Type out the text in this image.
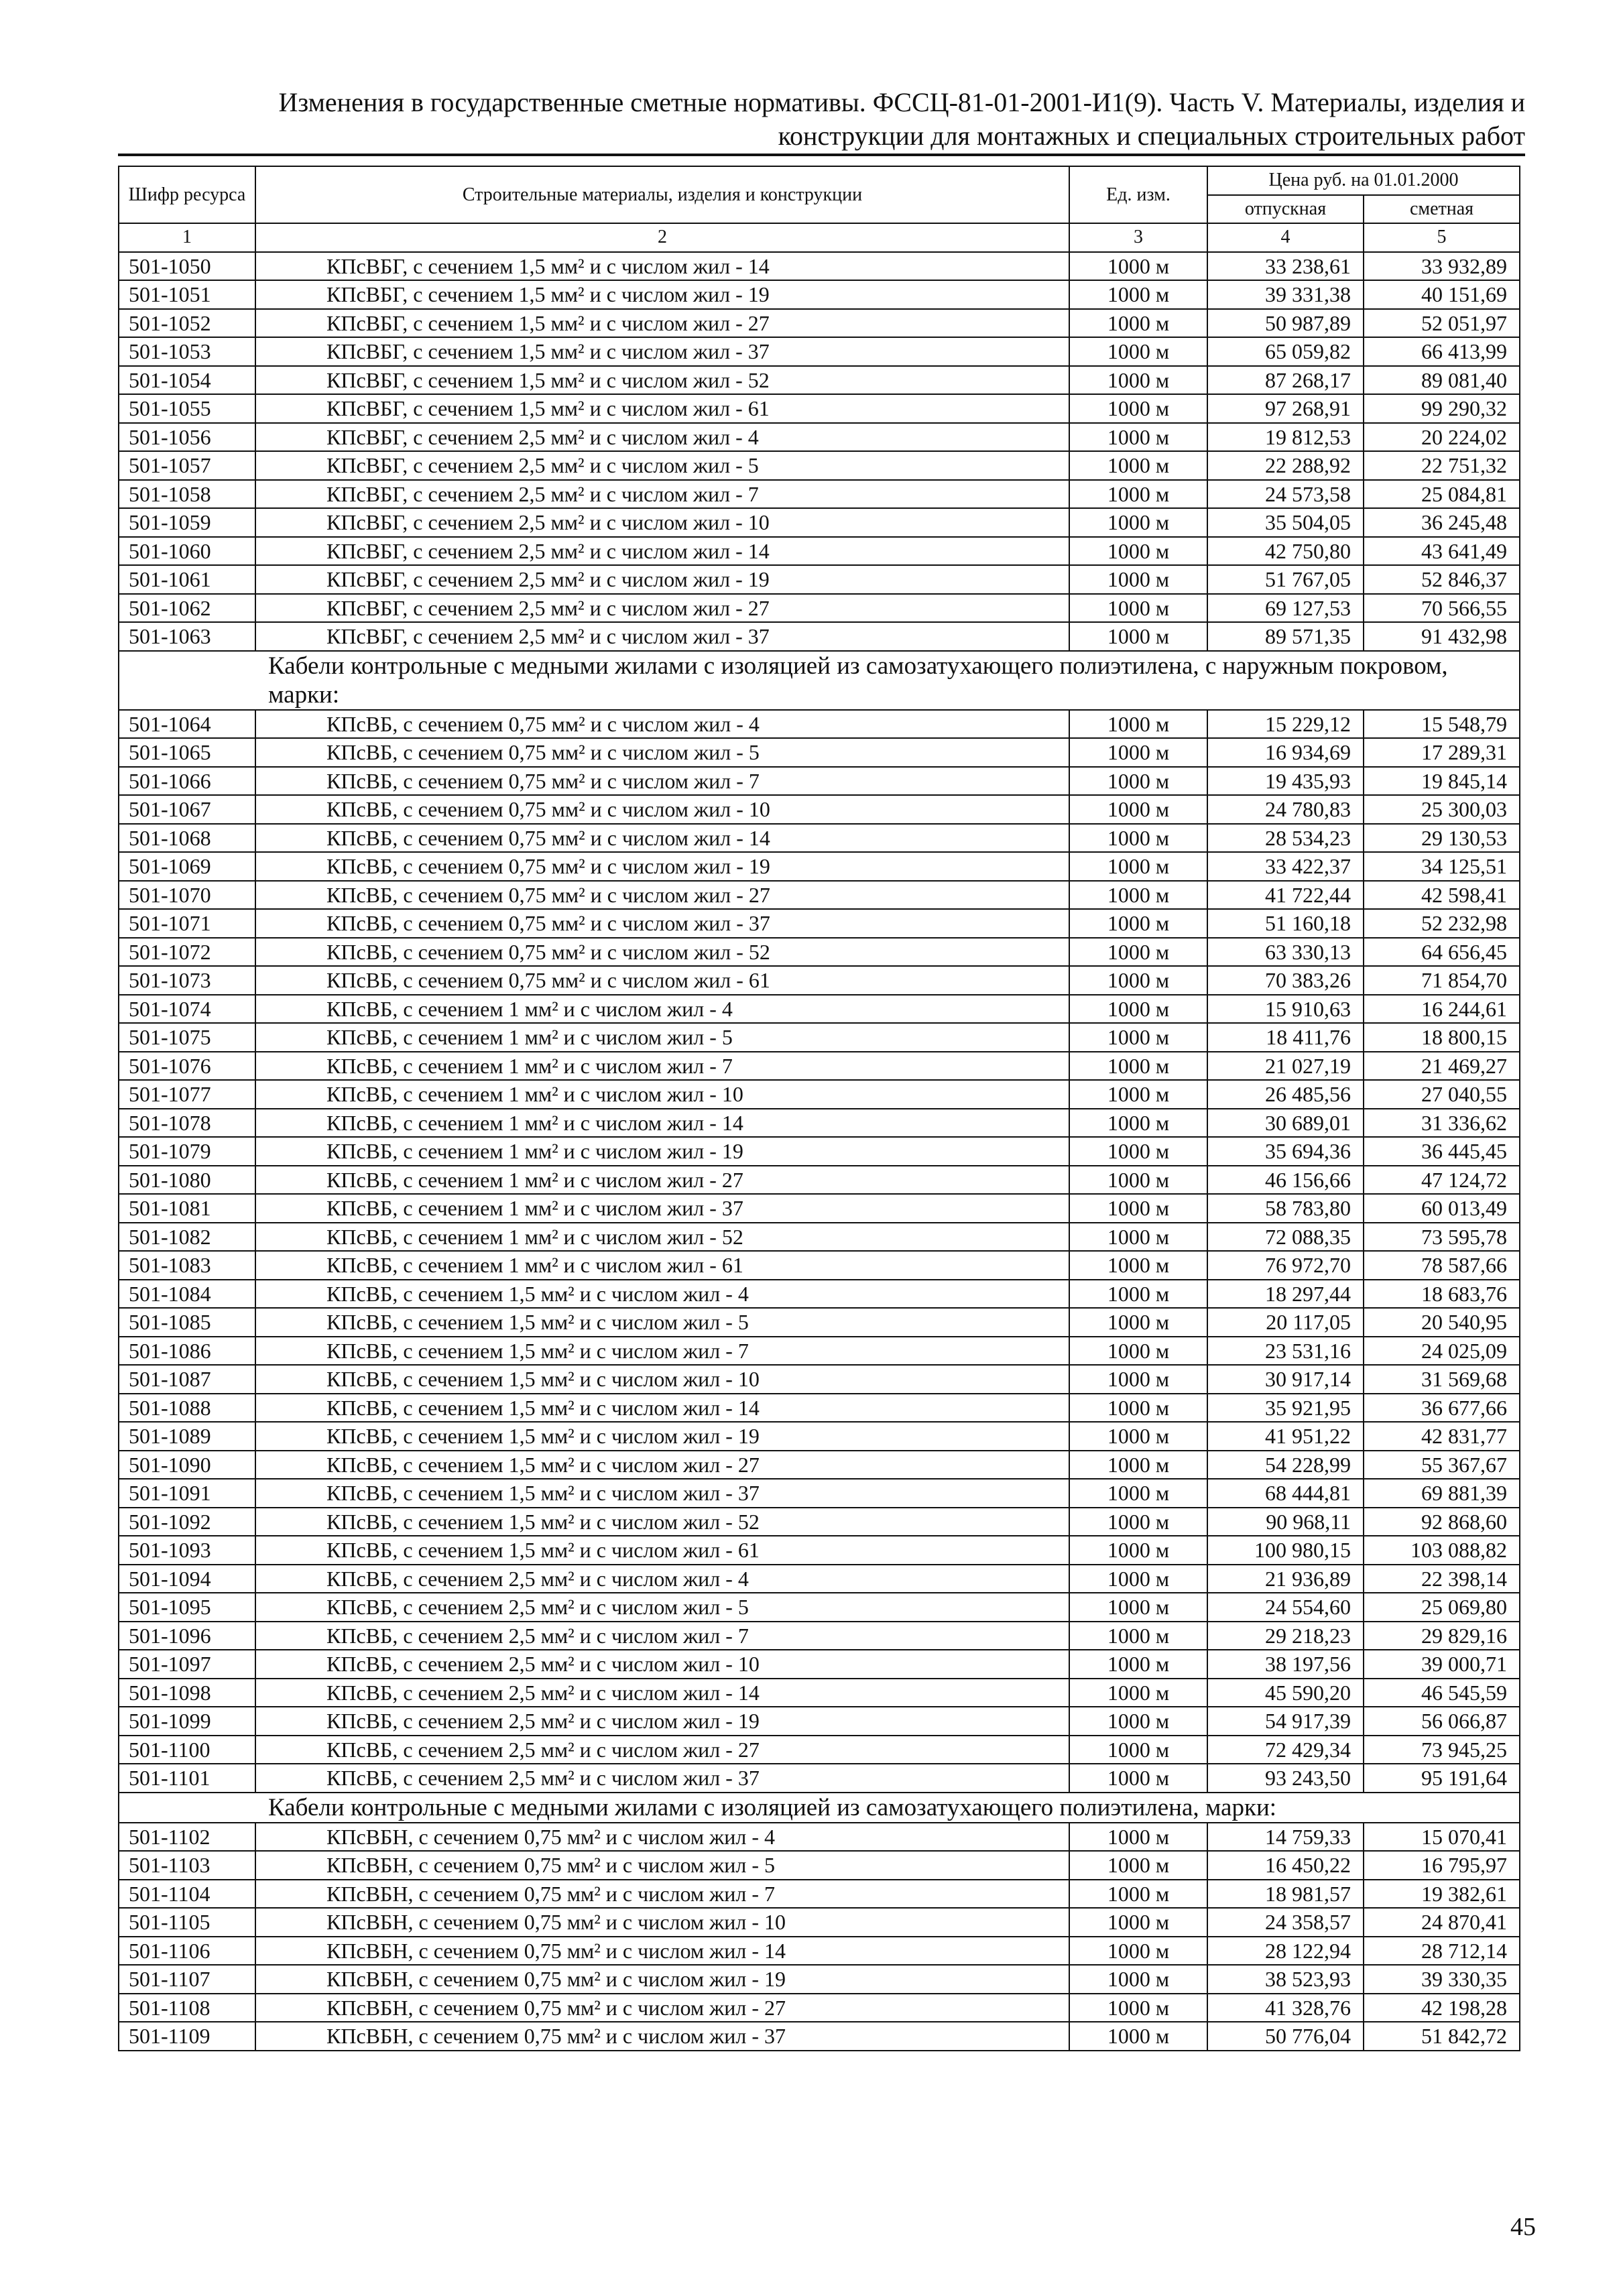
Изменения в государственные сметные нормативы. ФССЦ-81-01-2001-И1(9). Часть V. Материалы, изделия и
конструкции для монтажных и специальных строительных работ
Шифр ресурса	Строительные материалы, изделия и конструкции	Ед. изм.	Цена руб. на 01.01.2000	
			отпускная	сметная
1	2	3	4	5
501-1050	КПсВБГ, с сечением 1,5 мм² и с числом жил - 14	1000 м	33 238,61	33 932,89
501-1051	КПсВБГ, с сечением 1,5 мм² и с числом жил - 19	1000 м	39 331,38	40 151,69
501-1052	КПсВБГ, с сечением 1,5 мм² и с числом жил - 27	1000 м	50 987,89	52 051,97
501-1053	КПсВБГ, с сечением 1,5 мм² и с числом жил - 37	1000 м	65 059,82	66 413,99
501-1054	КПсВБГ, с сечением 1,5 мм² и с числом жил - 52	1000 м	87 268,17	89 081,40
501-1055	КПсВБГ, с сечением 1,5 мм² и с числом жил - 61	1000 м	97 268,91	99 290,32
501-1056	КПсВБГ, с сечением 2,5 мм² и с числом жил - 4	1000 м	19 812,53	20 224,02
501-1057	КПсВБГ, с сечением 2,5 мм² и с числом жил - 5	1000 м	22 288,92	22 751,32
501-1058	КПсВБГ, с сечением 2,5 мм² и с числом жил - 7	1000 м	24 573,58	25 084,81
501-1059	КПсВБГ, с сечением 2,5 мм² и с числом жил - 10	1000 м	35 504,05	36 245,48
501-1060	КПсВБГ, с сечением 2,5 мм² и с числом жил - 14	1000 м	42 750,80	43 641,49
501-1061	КПсВБГ, с сечением 2,5 мм² и с числом жил - 19	1000 м	51 767,05	52 846,37
501-1062	КПсВБГ, с сечением 2,5 мм² и с числом жил - 27	1000 м	69 127,53	70 566,55
501-1063	КПсВБГ, с сечением 2,5 мм² и с числом жил - 37	1000 м	89 571,35	91 432,98
Кабели контрольные с медными жилами с изоляцией из самозатухающего полиэтилена, с наружным покровом, марки:				
501-1064	КПсВБ, с сечением 0,75 мм² и с числом жил - 4	1000 м	15 229,12	15 548,79
501-1065	КПсВБ, с сечением 0,75 мм² и с числом жил - 5	1000 м	16 934,69	17 289,31
501-1066	КПсВБ, с сечением 0,75 мм² и с числом жил - 7	1000 м	19 435,93	19 845,14
501-1067	КПсВБ, с сечением 0,75 мм² и с числом жил - 10	1000 м	24 780,83	25 300,03
501-1068	КПсВБ, с сечением 0,75 мм² и с числом жил - 14	1000 м	28 534,23	29 130,53
501-1069	КПсВБ, с сечением 0,75 мм² и с числом жил - 19	1000 м	33 422,37	34 125,51
501-1070	КПсВБ, с сечением 0,75 мм² и с числом жил - 27	1000 м	41 722,44	42 598,41
501-1071	КПсВБ, с сечением 0,75 мм² и с числом жил - 37	1000 м	51 160,18	52 232,98
501-1072	КПсВБ, с сечением 0,75 мм² и с числом жил - 52	1000 м	63 330,13	64 656,45
501-1073	КПсВБ, с сечением 0,75 мм² и с числом жил - 61	1000 м	70 383,26	71 854,70
501-1074	КПсВБ, с сечением 1 мм² и с числом жил - 4	1000 м	15 910,63	16 244,61
501-1075	КПсВБ, с сечением 1 мм² и с числом жил - 5	1000 м	18 411,76	18 800,15
501-1076	КПсВБ, с сечением 1 мм² и с числом жил - 7	1000 м	21 027,19	21 469,27
501-1077	КПсВБ, с сечением 1 мм² и с числом жил - 10	1000 м	26 485,56	27 040,55
501-1078	КПсВБ, с сечением 1 мм² и с числом жил - 14	1000 м	30 689,01	31 336,62
501-1079	КПсВБ, с сечением 1 мм² и с числом жил - 19	1000 м	35 694,36	36 445,45
501-1080	КПсВБ, с сечением 1 мм² и с числом жил - 27	1000 м	46 156,66	47 124,72
501-1081	КПсВБ, с сечением 1 мм² и с числом жил - 37	1000 м	58 783,80	60 013,49
501-1082	КПсВБ, с сечением 1 мм² и с числом жил - 52	1000 м	72 088,35	73 595,78
501-1083	КПсВБ, с сечением 1 мм² и с числом жил - 61	1000 м	76 972,70	78 587,66
501-1084	КПсВБ, с сечением 1,5 мм² и с числом жил - 4	1000 м	18 297,44	18 683,76
501-1085	КПсВБ, с сечением 1,5 мм² и с числом жил - 5	1000 м	20 117,05	20 540,95
501-1086	КПсВБ, с сечением 1,5 мм² и с числом жил - 7	1000 м	23 531,16	24 025,09
501-1087	КПсВБ, с сечением 1,5 мм² и с числом жил - 10	1000 м	30 917,14	31 569,68
501-1088	КПсВБ, с сечением 1,5 мм² и с числом жил - 14	1000 м	35 921,95	36 677,66
501-1089	КПсВБ, с сечением 1,5 мм² и с числом жил - 19	1000 м	41 951,22	42 831,77
501-1090	КПсВБ, с сечением 1,5 мм² и с числом жил - 27	1000 м	54 228,99	55 367,67
501-1091	КПсВБ, с сечением 1,5 мм² и с числом жил - 37	1000 м	68 444,81	69 881,39
501-1092	КПсВБ, с сечением 1,5 мм² и с числом жил - 52	1000 м	90 968,11	92 868,60
501-1093	КПсВБ, с сечением 1,5 мм² и с числом жил - 61	1000 м	100 980,15	103 088,82
501-1094	КПсВБ, с сечением 2,5 мм² и с числом жил - 4	1000 м	21 936,89	22 398,14
501-1095	КПсВБ, с сечением 2,5 мм² и с числом жил - 5	1000 м	24 554,60	25 069,80
501-1096	КПсВБ, с сечением 2,5 мм² и с числом жил - 7	1000 м	29 218,23	29 829,16
501-1097	КПсВБ, с сечением 2,5 мм² и с числом жил - 10	1000 м	38 197,56	39 000,71
501-1098	КПсВБ, с сечением 2,5 мм² и с числом жил - 14	1000 м	45 590,20	46 545,59
501-1099	КПсВБ, с сечением 2,5 мм² и с числом жил - 19	1000 м	54 917,39	56 066,87
501-1100	КПсВБ, с сечением 2,5 мм² и с числом жил - 27	1000 м	72 429,34	73 945,25
501-1101	КПсВБ, с сечением 2,5 мм² и с числом жил - 37	1000 м	93 243,50	95 191,64
Кабели контрольные с медными жилами с изоляцией из самозатухающего полиэтилена, марки:				
501-1102	КПсВБН, с сечением 0,75 мм² и с числом жил - 4	1000 м	14 759,33	15 070,41
501-1103	КПсВБН, с сечением 0,75 мм² и с числом жил - 5	1000 м	16 450,22	16 795,97
501-1104	КПсВБН, с сечением 0,75 мм² и с числом жил - 7	1000 м	18 981,57	19 382,61
501-1105	КПсВБН, с сечением 0,75 мм² и с числом жил - 10	1000 м	24 358,57	24 870,41
501-1106	КПсВБН, с сечением 0,75 мм² и с числом жил - 14	1000 м	28 122,94	28 712,14
501-1107	КПсВБН, с сечением 0,75 мм² и с числом жил - 19	1000 м	38 523,93	39 330,35
501-1108	КПсВБН, с сечением 0,75 мм² и с числом жил - 27	1000 м	41 328,76	42 198,28
501-1109	КПсВБН, с сечением 0,75 мм² и с числом жил - 37	1000 м	50 776,04	51 842,72
45
